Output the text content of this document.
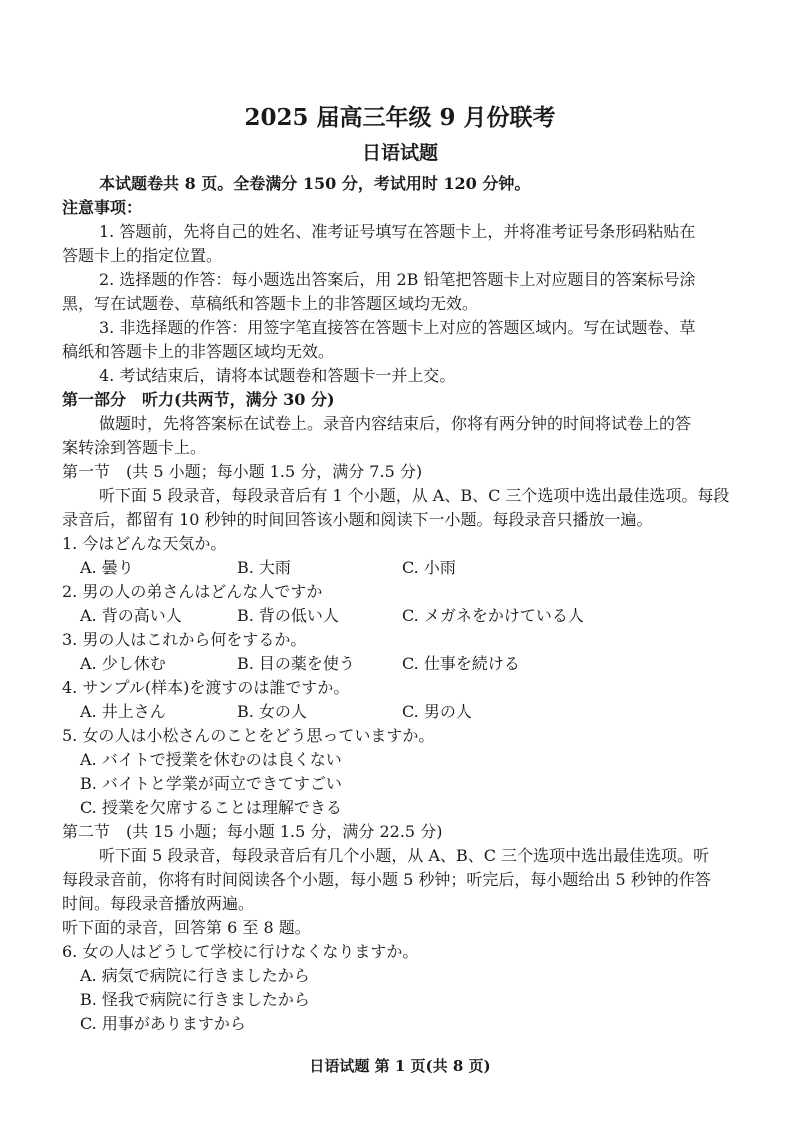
2025 届高三年级 9 月份联考
日语试题
本试题卷共 8 页。全卷满分 150 分，考试用时 120 分钟。
注意事项：
1. 答题前，先将自己的姓名、准考证号填写在答题卡上，并将准考证号条形码粘贴在
答题卡上的指定位置。
2. 选择题的作答：每小题选出答案后，用 2B 铅笔把答题卡上对应题目的答案标号涂
黑，写在试题卷、草稿纸和答题卡上的非答题区域均无效。
3. 非选择题的作答：用签字笔直接答在答题卡上对应的答题区域内。写在试题卷、草
稿纸和答题卡上的非答题区域均无效。
4. 考试结束后，请将本试题卷和答题卡一并上交。
第一部分　听力(共两节，满分 30 分)
做题时，先将答案标在试卷上。录音内容结束后，你将有两分钟的时间将试卷上的答
案转涂到答题卡上。
第一节　(共 5 小题；每小题 1.5 分，满分 7.5 分)
听下面 5 段录音，每段录音后有 1 个小题，从 A、B、C 三个选项中选出最佳选项。每段
录音后，都留有 10 秒钟的时间回答该小题和阅读下一小题。每段录音只播放一遍。
1. 今はどんな天気か。
A. 曇り	B. 大雨	C. 小雨
2. 男の人の弟さんはどんな人ですか
A. 背の高い人	B. 背の低い人	C. メガネをかけている人
3. 男の人はこれから何をするか。
A. 少し休む	B. 目の薬を使う	C. 仕事を続ける
4. サンプル(样本)を渡すのは誰ですか。
A. 井上さん	B. 女の人	C. 男の人
5. 女の人は小松さんのことをどう思っていますか。
A. バイトで授業を休むのは良くない
B. バイトと学業が両立できてすごい
C. 授業を欠席することは理解できる
第二节　(共 15 小题；每小题 1.5 分，满分 22.5 分)
听下面 5 段录音，每段录音后有几个小题，从 A、B、C 三个选项中选出最佳选项。听
每段录音前，你将有时间阅读各个小题，每小题 5 秒钟；听完后，每小题给出 5 秒钟的作答
时间。每段录音播放两遍。
听下面的录音，回答第 6 至 8 题。
6. 女の人はどうして学校に行けなくなりますか。
A. 病気で病院に行きましたから
B. 怪我で病院に行きましたから
C. 用事がありますから
日语试题 第 1 页(共 8 页)
